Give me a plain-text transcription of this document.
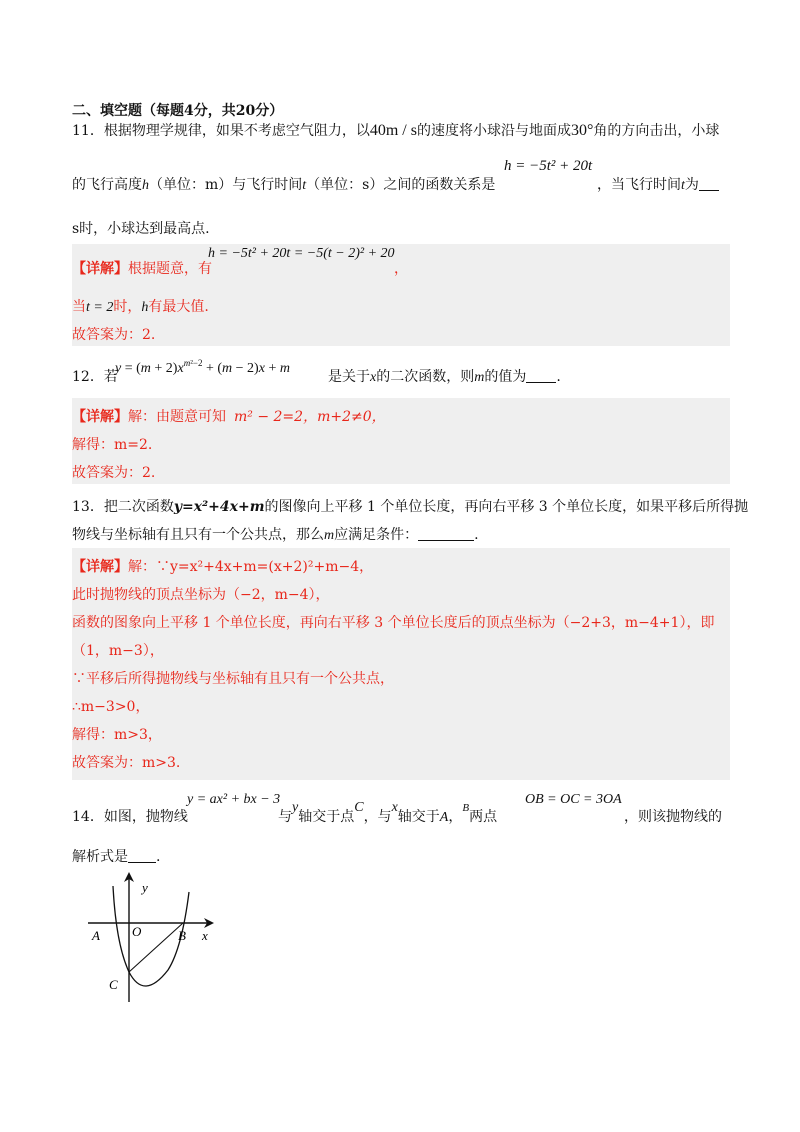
二、填空题（每题4分，共20分）
11．根据物理学规律，如果不考虑空气阻力，以40m / s的速度将小球沿与地面成30°角的方向击出，小球
的飞行高度h（单位：m）与飞行时间t（单位：s）之间的函数关系是
h = −5t² + 20t
，当飞行时间t为
s时，小球达到最高点.
【详解】根据题意，有
h = −5t² + 20t = −5(t − 2)² + 20
，
当t = 2时，h有最大值.
故答案为：2.
12．若
$y = (m + 2)x^{m^2-2} + (m - 2)x + m$
是关于x的二次函数，则m的值为 .
【详解】解：由题意可知 m² − 2=2，m+2≠0，
解得：m=2.
故答案为：2.
13．把二次函数y=x²+4x+m的图像向上平移 1 个单位长度，再向右平移 3 个单位长度，如果平移后所得抛
物线与坐标轴有且只有一个公共点，那么m应满足条件：	.
【详解】解：∵y=x²+4x+m=(x+2)²+m−4，
此时抛物线的顶点坐标为（−2，m−4），
函数的图象向上平移 1 个单位长度，再向右平移 3 个单位长度后的顶点坐标为（−2+3，m−4+1），即
（1，m−3），
∵平移后所得抛物线与坐标轴有且只有一个公共点，
∴m−3>0，
解得：m>3，
故答案为：m>3.
14．如图，抛物线
y = ax² + bx − 3
与y轴交于点C，与x轴交于A，$^B$两点
OB = OC = 3OA
，则该抛物线的
解析式是 .
y
x
A O	B
C
